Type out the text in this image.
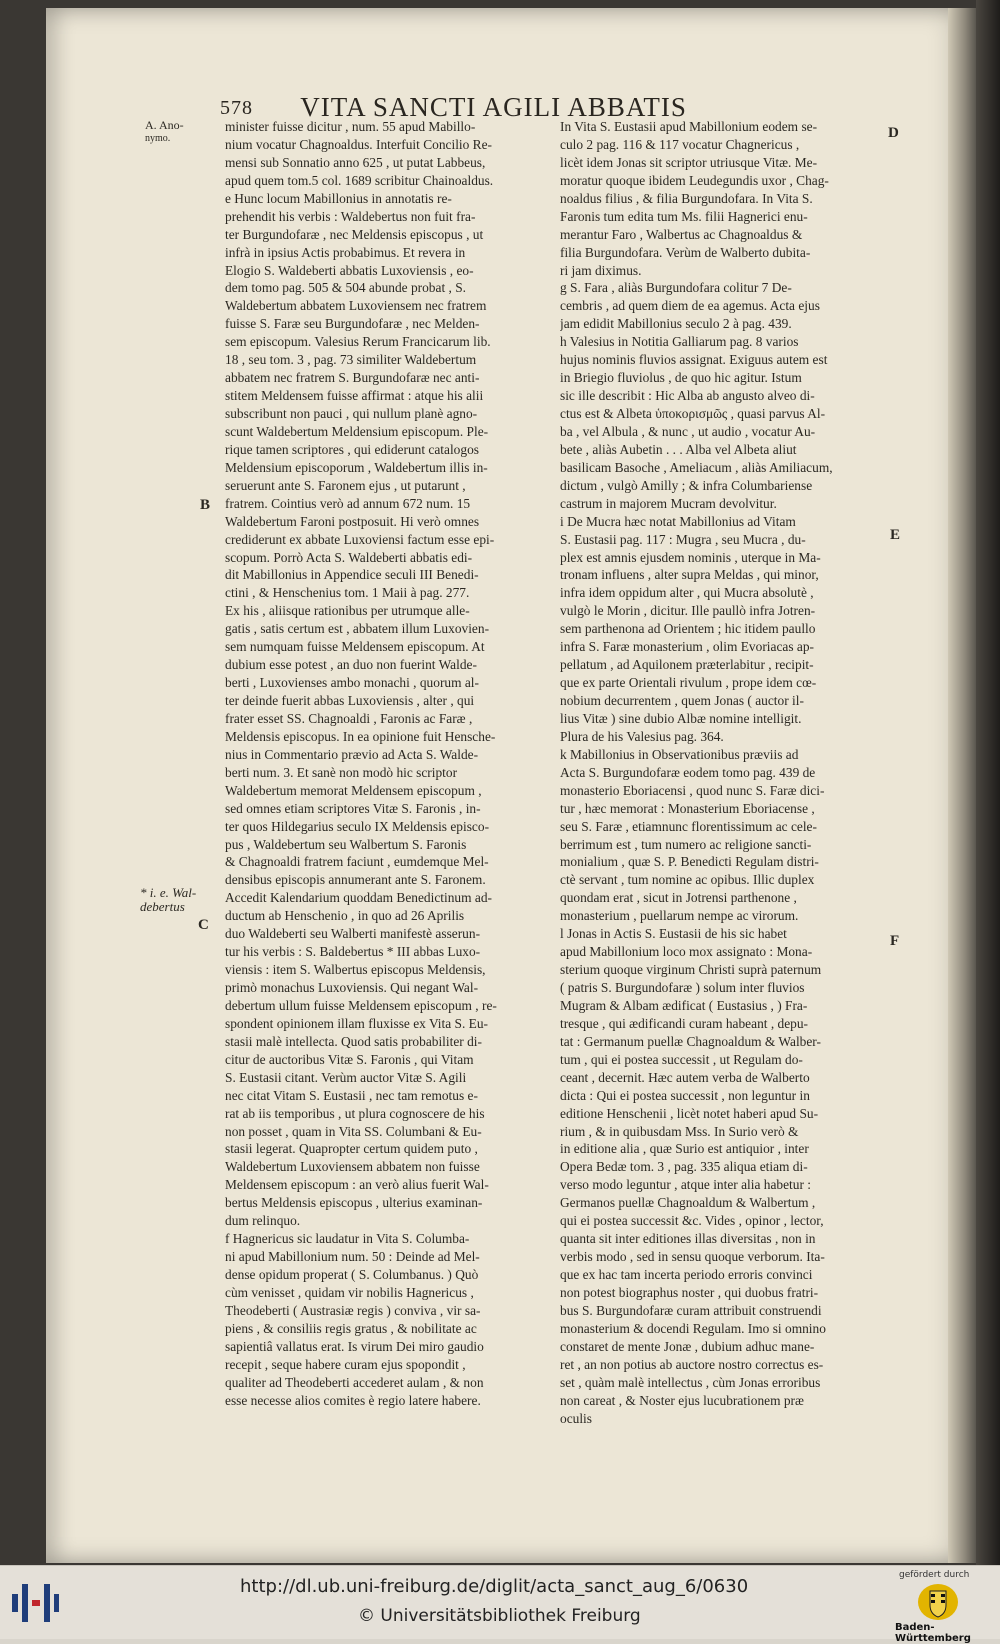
578 VITA SANCTI AGILI ABBATIS
A. Ano-
nymo.
B
* i. e. Wal-
debertus
C
D
E
F
minister fuisse dicitur , num. 55 apud Mabillo-
nium vocatur Chagnoaldus. Interfuit Concilio Re-
mensi sub Sonnatio anno 625 , ut putat Labbeus,
apud quem tom.5 col. 1689 scribitur Chainoaldus.
e Hunc locum Mabillonius in annotatis re-
prehendit his verbis : Waldebertus non fuit fra-
ter Burgundofaræ , nec Meldensis episcopus , ut
infrà in ipsius Actis probabimus. Et revera in
Elogio S. Waldeberti abbatis Luxoviensis , eo-
dem tomo pag. 505 & 504 abunde probat , S.
Waldebertum abbatem Luxoviensem nec fratrem
fuisse S. Faræ seu Burgundofaræ , nec Melden-
sem episcopum. Valesius Rerum Francicarum lib.
18 , seu tom. 3 , pag. 73 similiter Waldebertum
abbatem nec fratrem S. Burgundofaræ nec anti-
stitem Meldensem fuisse affirmat : atque his alii
subscribunt non pauci , qui nullum planè agno-
scunt Waldebertum Meldensium episcopum. Ple-
rique tamen scriptores , qui ediderunt catalogos
Meldensium episcoporum , Waldebertum illis in-
seruerunt ante S. Faronem ejus , ut putarunt ,
fratrem. Cointius verò ad annum 672 num. 15
Waldebertum Faroni postposuit. Hi verò omnes
crediderunt ex abbate Luxoviensi factum esse epi-
scopum. Porrò Acta S. Waldeberti abbatis edi-
dit Mabillonius in Appendice seculi III Benedi-
ctini , & Henschenius tom. 1 Maii à pag. 277.
Ex his , aliisque rationibus per utrumque alle-
gatis , satis certum est , abbatem illum Luxovien-
sem numquam fuisse Meldensem episcopum. At
dubium esse potest , an duo non fuerint Walde-
berti , Luxovienses ambo monachi , quorum al-
ter deinde fuerit abbas Luxoviensis , alter , qui
frater esset SS. Chagnoaldi , Faronis ac Faræ ,
Meldensis episcopus. In ea opinione fuit Hensche-
nius in Commentario prævio ad Acta S. Walde-
berti num. 3. Et sanè non modò hic scriptor
Waldebertum memorat Meldensem episcopum ,
sed omnes etiam scriptores Vitæ S. Faronis , in-
ter quos Hildegarius seculo IX Meldensis episco-
pus , Waldebertum seu Walbertum S. Faronis
& Chagnoaldi fratrem faciunt , eumdemque Mel-
densibus episcopis annumerant ante S. Faronem.
Accedit Kalendarium quoddam Benedictinum ad-
ductum ab Henschenio , in quo ad 26 Aprilis
duo Waldeberti seu Walberti manifestè asserun-
tur his verbis : S. Baldebertus * III abbas Luxo-
viensis : item S. Walbertus episcopus Meldensis,
primò monachus Luxoviensis. Qui negant Wal-
debertum ullum fuisse Meldensem episcopum , re-
spondent opinionem illam fluxisse ex Vita S. Eu-
stasii malè intellecta. Quod satis probabiliter di-
citur de auctoribus Vitæ S. Faronis , qui Vitam
S. Eustasii citant. Verùm auctor Vitæ S. Agili
nec citat Vitam S. Eustasii , nec tam remotus e-
rat ab iis temporibus , ut plura cognoscere de his
non posset , quam in Vita SS. Columbani & Eu-
stasii legerat. Quapropter certum quidem puto ,
Waldebertum Luxoviensem abbatem non fuisse
Meldensem episcopum : an verò alius fuerit Wal-
bertus Meldensis episcopus , ulterius examinan-
dum relinquo.
f Hagnericus sic laudatur in Vita S. Columba-
ni apud Mabillonium num. 50 : Deinde ad Mel-
dense opidum properat ( S. Columbanus. ) Quò
cùm venisset , quidam vir nobilis Hagnericus ,
Theodeberti ( Austrasiæ regis ) conviva , vir sa-
piens , & consiliis regis gratus , & nobilitate ac
sapientiâ vallatus erat. Is virum Dei miro gaudio
recepit , seque habere curam ejus spopondit ,
qualiter ad Theodeberti accederet aulam , & non
esse necesse alios comites è regio latere habere.
In Vita S. Eustasii apud Mabillonium eodem se-
culo 2 pag. 116 & 117 vocatur Chagnericus ,
licèt idem Jonas sit scriptor utriusque Vitæ. Me-
moratur quoque ibidem Leudegundis uxor , Chag-
noaldus filius , & filia Burgundofara. In Vita S.
Faronis tum edita tum Ms. filii Hagnerici enu-
merantur Faro , Walbertus ac Chagnoaldus &
filia Burgundofara. Verùm de Walberto dubita-
ri jam diximus.
g S. Fara , aliàs Burgundofara colitur 7 De-
cembris , ad quem diem de ea agemus. Acta ejus
jam edidit Mabillonius seculo 2 à pag. 439.
h Valesius in Notitia Galliarum pag. 8 varios
hujus nominis fluvios assignat. Exiguus autem est
in Briegio fluviolus , de quo hic agitur. Istum
sic ille describit : Hic Alba ab angusto alveo di-
ctus est & Albeta ὑποκορισμῶς , quasi parvus Al-
ba , vel Albula , & nunc , ut audio , vocatur Au-
bete , aliàs Aubetin . . . Alba vel Albeta aliut
basilicam Basoche , Ameliacum , aliàs Amiliacum,
dictum , vulgò Amilly ; & infra Columbariense
castrum in majorem Mucram devolvitur.
i De Mucra hæc notat Mabillonius ad Vitam
S. Eustasii pag. 117 : Mugra , seu Mucra , du-
plex est amnis ejusdem nominis , uterque in Ma-
tronam influens , alter supra Meldas , qui minor,
infra idem oppidum alter , qui Mucra absolutè ,
vulgò le Morin , dicitur. Ille paullò infra Jotren-
sem parthenona ad Orientem ; hic itidem paullo
infra S. Faræ monasterium , olim Evoriacas ap-
pellatum , ad Aquilonem præterlabitur , recipit-
que ex parte Orientali rivulum , prope idem cœ-
nobium decurrentem , quem Jonas ( auctor il-
lius Vitæ ) sine dubio Albæ nomine intelligit.
Plura de his Valesius pag. 364.
k Mabillonius in Observationibus præviis ad
Acta S. Burgundofaræ eodem tomo pag. 439 de
monasterio Eboriacensi , quod nunc S. Faræ dici-
tur , hæc memorat : Monasterium Eboriacense ,
seu S. Faræ , etiamnunc florentissimum ac cele-
berrimum est , tum numero ac religione sancti-
monialium , quæ S. P. Benedicti Regulam distri-
ctè servant , tum nomine ac opibus. Illic duplex
quondam erat , sicut in Jotrensi parthenone ,
monasterium , puellarum nempe ac virorum.
l Jonas in Actis S. Eustasii de his sic habet
apud Mabillonium loco mox assignato : Mona-
sterium quoque virginum Christi suprà paternum
( patris S. Burgundofaræ ) solum inter fluvios
Mugram & Albam ædificat ( Eustasius , ) Fra-
tresque , qui ædificandi curam habeant , depu-
tat : Germanum puellæ Chagnoaldum & Walber-
tum , qui ei postea successit , ut Regulam do-
ceant , decernit. Hæc autem verba de Walberto
dicta : Qui ei postea successit , non leguntur in
editione Henschenii , licèt notet haberi apud Su-
rium , & in quibusdam Mss. In Surio verò &
in editione alia , quæ Surio est antiquior , inter
Opera Bedæ tom. 3 , pag. 335 aliqua etiam di-
verso modo leguntur , atque inter alia habetur :
Germanos puellæ Chagnoaldum & Walbertum ,
qui ei postea successit &c. Vides , opinor , lector,
quanta sit inter editiones illas diversitas , non in
verbis modo , sed in sensu quoque verborum. Ita-
que ex hac tam incerta periodo erroris convinci
non potest biographus noster , qui duobus fratri-
bus S. Burgundofaræ curam attribuit construendi
monasterium & docendi Regulam. Imo si omnino
constaret de mente Jonæ , dubium adhuc mane-
ret , an non potius ab auctore nostro correctus es-
set , quàm malè intellectus , cùm Jonas erroribus
non careat , & Noster ejus lucubrationem præ
oculis
http://dl.ub.uni-freiburg.de/diglit/acta_sanct_aug_6/0630
© Universitätsbibliothek Freiburg
gefördert durch
Baden-Württemberg
